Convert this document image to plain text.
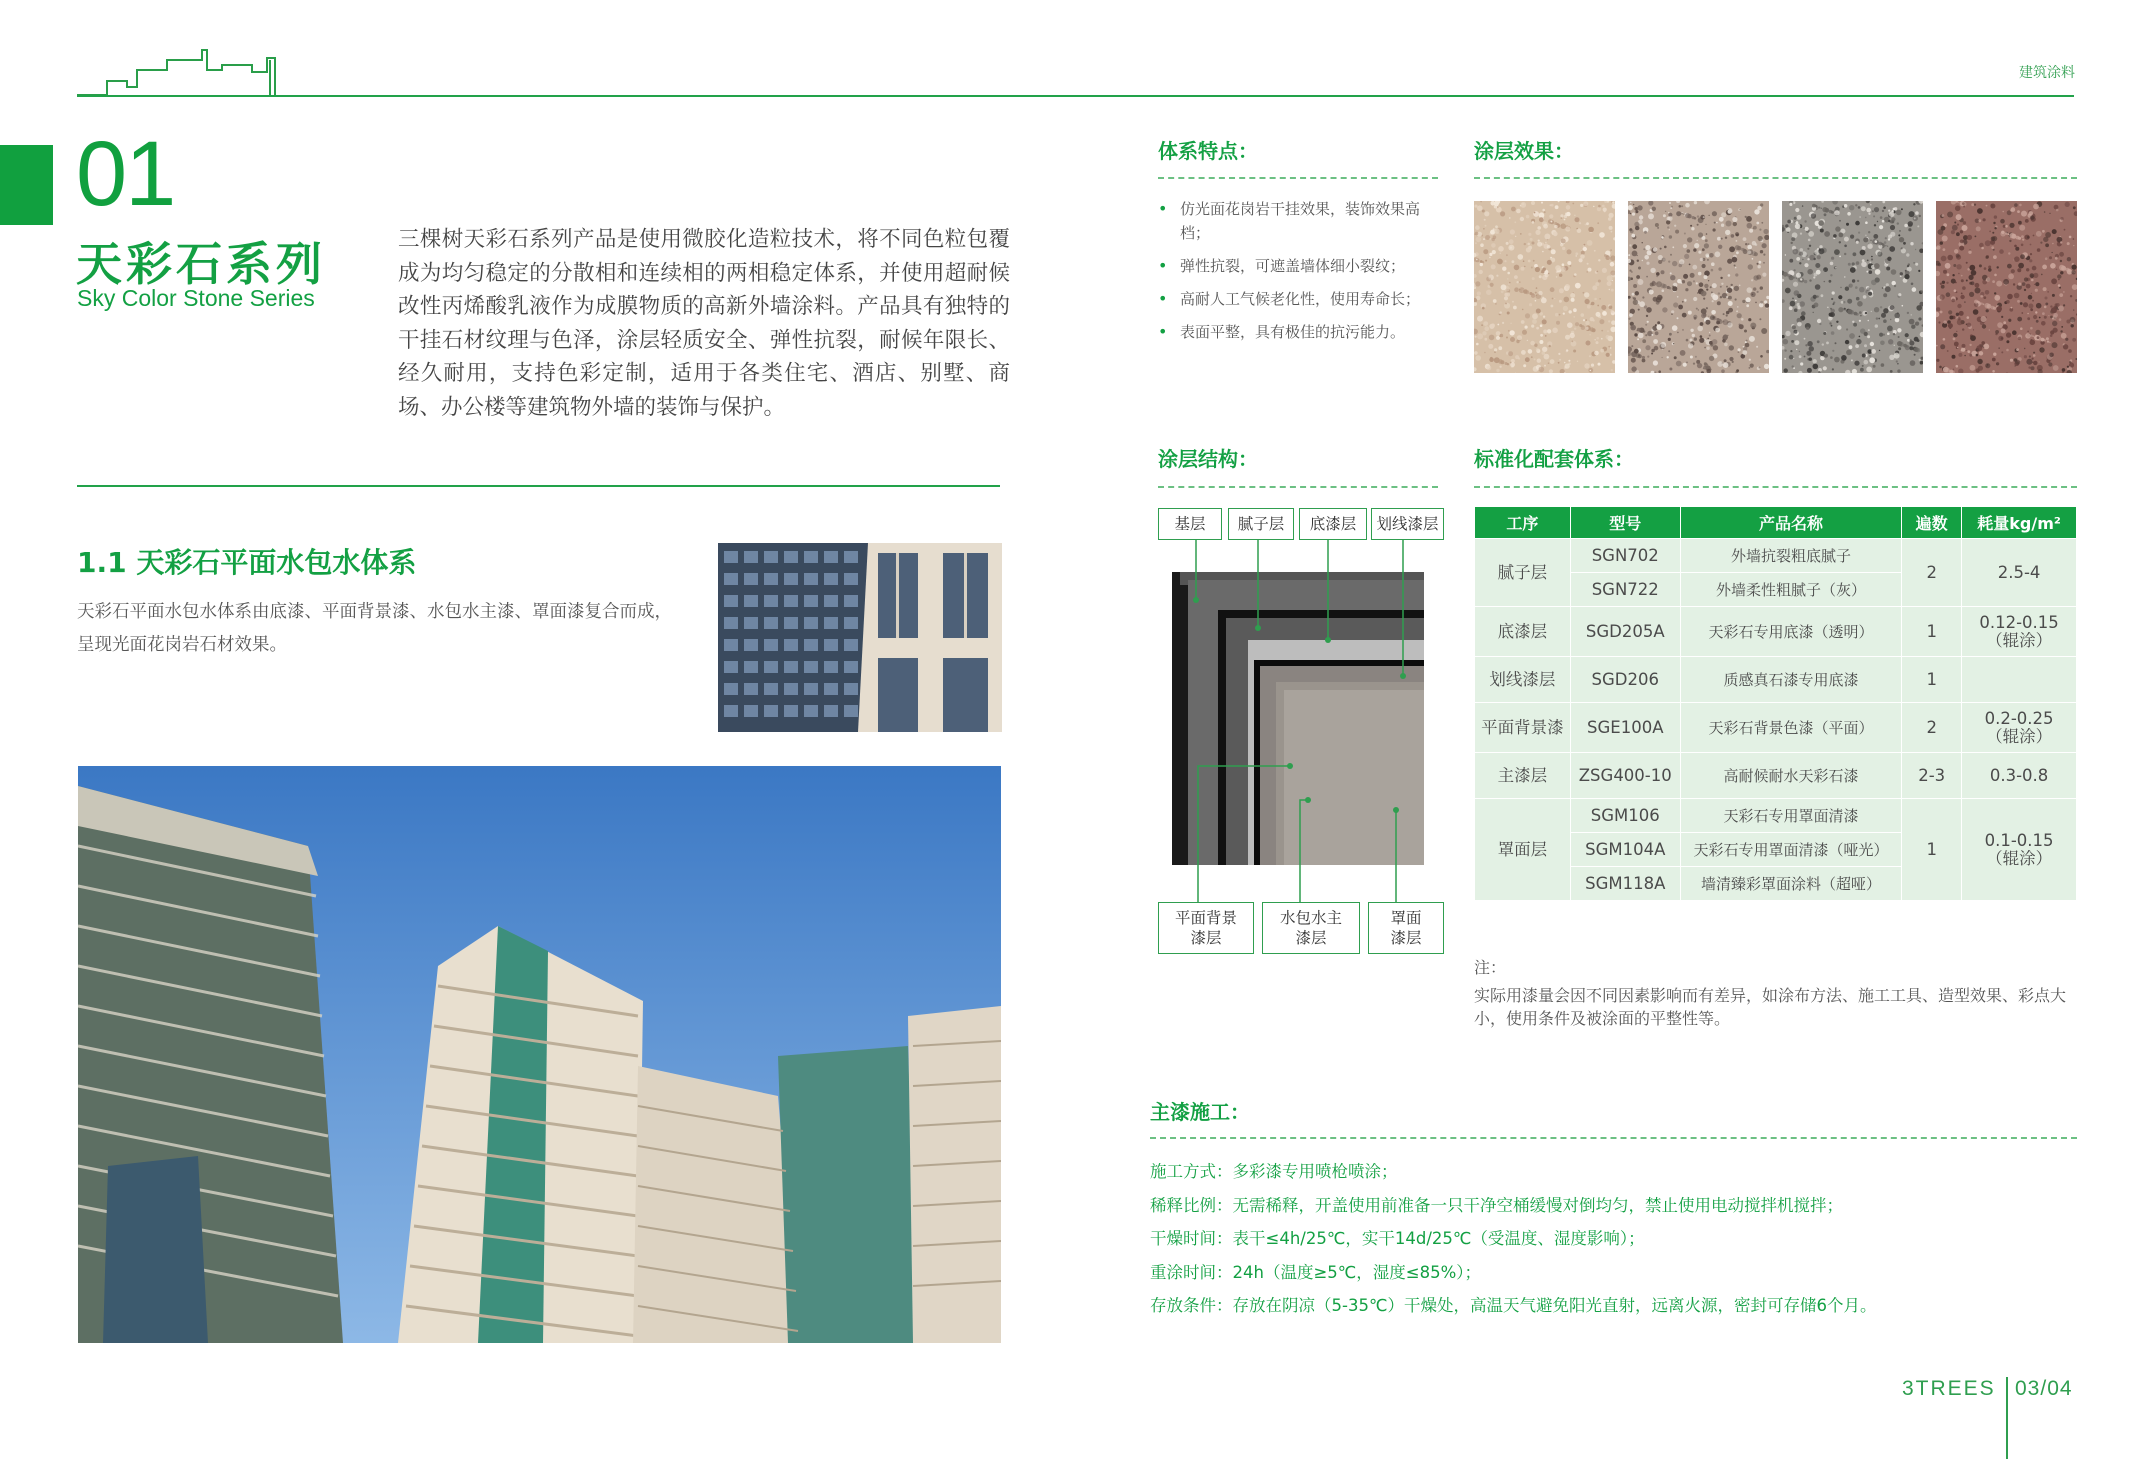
建筑涂料
01
天彩石系列
Sky Color Stone Series
三棵树天彩石系列产品是使用微胶化造粒技术，将不同色粒包覆成为均匀稳定的分散相和连续相的两相稳定体系，并使用超耐候改性丙烯酸乳液作为成膜物质的高新外墙涂料。产品具有独特的干挂石材纹理与色泽，涂层轻质安全、弹性抗裂，耐候年限长、经久耐用，支持色彩定制，适用于各类住宅、酒店、别墅、商场、办公楼等建筑物外墙的装饰与保护。
1.1 天彩石平面水包水体系
天彩石平面水包水体系由底漆、平面背景漆、水包水主漆、罩面漆复合而成，呈现光面花岗岩石材效果。
体系特点：
• 仿光面花岗岩干挂效果，装饰效果高档；
• 弹性抗裂，可遮盖墙体细小裂纹；
• 高耐人工气候老化性，使用寿命长；
• 表面平整，具有极佳的抗污能力。
涂层效果：
涂层结构：
基层	腻子层	底漆层	划线漆层
平面背景
漆层
水包水主
漆层
罩面
漆层
标准化配套体系：
工序	型号	产品名称	遍数	耗量kg/m²
腻子层	SGN702	外墙抗裂粗底腻子	2	2.5-4
	SGN722	外墙柔性粗腻子（灰）		
底漆层	SGD205A	天彩石专用底漆（透明）	1	0.12-0.15
（辊涂）

划线漆层	SGD206	质感真石漆专用底漆	1	
平面背景漆	SGE100A	天彩石背景色漆（平面）	2	0.2-0.25
（辊涂）

主漆层	ZSG400-10	高耐候耐水天彩石漆	2-3	0.3-0.8
罩面层	SGM106	天彩石专用罩面清漆	1	0.1-0.15
（辊涂）

	SGM104A	天彩石专用罩面清漆（哑光）		
	SGM118A	墙清臻彩罩面涂料（超哑）		
注：
实际用漆量会因不同因素影响而有差异，如涂布方法、施工工具、造型效果、彩点大小，使用条件及被涂面的平整性等。
主漆施工：
施工方式：多彩漆专用喷枪喷涂；
稀释比例：无需稀释，开盖使用前准备一只干净空桶缓慢对倒均匀，禁止使用电动搅拌机搅拌；
干燥时间：表干≤4h/25℃，实干14d/25℃（受温度、湿度影响）；
重涂时间：24h（温度≥5℃，湿度≤85%）；
存放条件：存放在阴凉（5-35℃）干燥处，高温天气避免阳光直射，远离火源，密封可存储6个月。
3TREES 03/04
